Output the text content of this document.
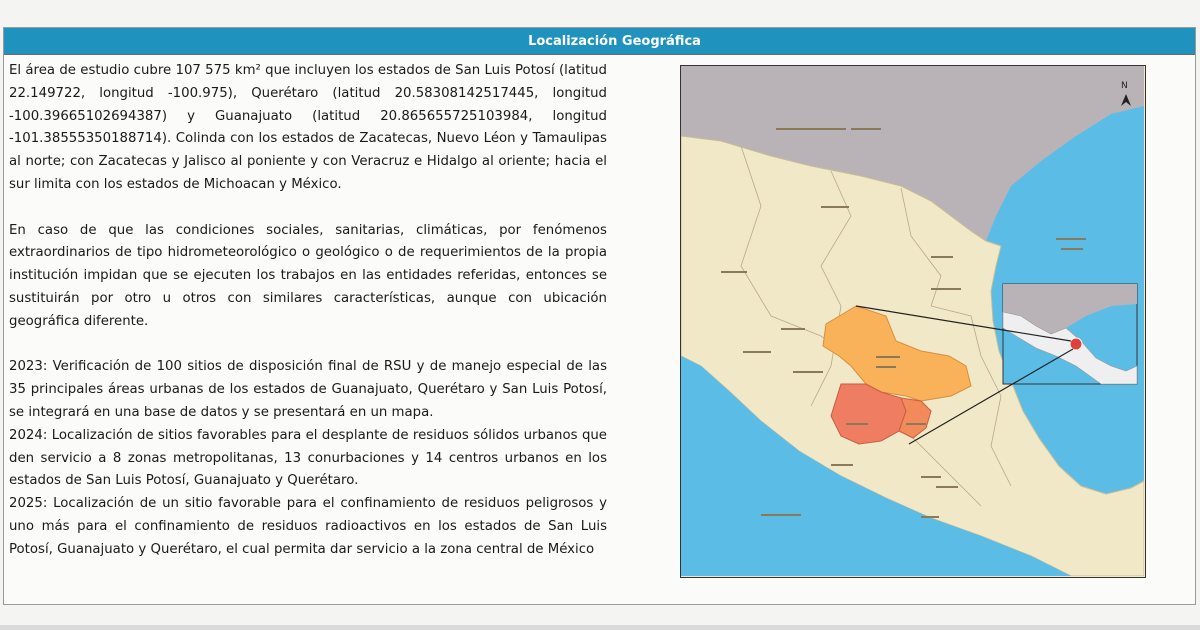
Localización Geográfica

El área de estudio cubre 107 575 km² que incluyen los estados de San Luis Potosí (latitud 22.149722, longitud -100.975), Querétaro (latitud 20.58308142517445, longitud -100.39665102694387) y Guanajuato (latitud 20.86565572510398​4, longitud -101.38555350188714). Colinda con los estados de Zacatecas, Nuevo Léon y Tamaulipas al norte; con Zacatecas y Jalisco al poniente y con Veracruz e Hidalgo al oriente; hacia el sur limita con los estados de Michoacan y México.

En caso de que las condiciones sociales, sanitarias, climáticas, por fenómenos extraordinarios de tipo hidrometeorológico o geológico o de requerimientos de la propia institución impidan que se ejecuten los trabajos en las entidades referidas, entonces se sustituirán por otro u otros con similares características, aunque con ubicación geográfica diferente.

2023: Verificación de 100 sitios de disposición final de RSU y de manejo especial de las 35 principales áreas urbanas de los estados de Guanajuato, Querétaro y San Luis Potosí, se integrará en una base de datos y se presentará en un mapa.

2024: Localización de sitios favorables para el desplante de residuos sólidos urbanos que den servicio a 8 zonas metropolitanas, 13 conurbaciones y 14 centros urbanos en los estados de San Luis Potosí, Guanajuato y Querétaro.

2025: Localización de un sitio favorable para el confinamiento de residuos peligrosos y uno más para el confinamiento de residuos radioactivos en los estados de San Luis Potosí, Guanajuato y Querétaro, el cual permita dar servicio a la zona central de México

N
